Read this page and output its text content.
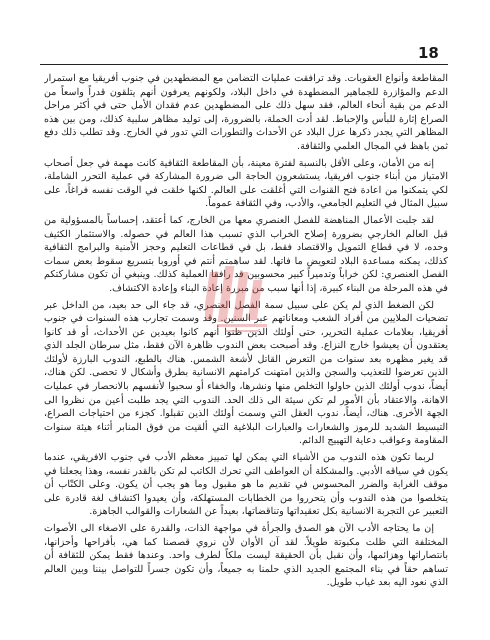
18

المقاطعة وأنواع العقوبات. وقد ترافقت عمليات التضامن مع المضطهدين في جنوب أفريقيا مع استمرار الدعم والمؤازرة للجماهير المضطهدة في داخل البلاد، ولكونهم يعرفون أنهم يتلقون قدراً واسعاً من الدعم من بقية أنحاء العالم، فقد سهل ذلك على المضطهدين عدم فقدان الأمل حتى في أكثر مراحل الصراع إثارة للبأس والإحباط. لقد أدت الحملة، بالضرورة، إلى توليد مظاهر سلبية كذلك، ومن بين هذه المظاهر التي يجدر ذكرها عزل البلاد عن الأحداث والتطورات التي تدور في الخارج. وقد تطلب ذلك دفع ثمن باهظ في المجال العلمي والثقافة.

إنه من الأمان، وعلى الأقل بالنسبة لفترة معينة، بأن المقاطعة الثقافية كانت مهمة في جعل أصحاب الامتياز من أبناء جنوب افريقيا، يستشعرون الحاجة الى ضرورة المشاركة في عملية التحرر الشاملة، لكي يتمكنوا من اعادة فتح القنوات التي أغلقت على العالم. لكنها خلقت في الوقت نفسه فراغاً، على سبيل المثال في التعليم الجامعي، والأدب، وفي الثقافة عموماً.

لقد جلبت الأعمال المناهضة للفصل العنصري معها من الخارج، كما أعتقد، إحساساً بالمسؤولية من قبل العالم الخارجي بضرورة إصلاح الخراب الذي تسبب هذا العالم في حصوله. والاستثمار الكثيف وحده، لا في قطاع التمويل والاقتصاد فقط، بل في قطاعات التعليم وحجز الأمنية والبرامج الثقافية كذلك، يمكنه مساعدة البلاد لتعويض ما فاتها. لقد ساهمتم أنتم في أوروبا بتسريع سقوط بعض سمات الفصل العنصري: لكن خراباً وتدميراً كبير محسوبين قد رافقا العملية كذلك. وينبغي أن تكون مشاركتكم في هذه المرحلة من البناء كبيرة، إذا أنها سبب من مبررة إعادة البناء وإعادة الاكتشاف.

لكن الضغط الذي لم يكن على سبيل سمة الفصل العنصري، قد جاء الى حد بعيد، من الداخل عبر تضحيات الملايين من أفراد الشعب ومعاناتهم عبر السنين. وقد وسمت تجارب هذه السنوات في جنوب أفريقيا، بعلامات عملية التحرير، حتى أولئك الذين ظنوا أنهم كانوا بعيدين عن الأحداث، أو قد كانوا يعتقدون أن يعيشوا خارج النزاع. وقد أصبحت بعض الندوب ظاهرة الآن فقط، مثل سرطان الجلد الذي قد يغير مظهره بعد سنوات من التعرض القاتل لأشعة الشمس. هناك بالطبع، الندوب البارزة لأولئك الذين تعرضوا للتعذيب والسجن والذين امتهنت كرامتهم الانسانية بطرق وأشكال لا تحصى. لكن هناك، أيضاً، ندوب أولئك الذين حاولوا التخلص منها ونشرها، والخفاء أو سحبوا لأنفسهم بالانحصار في عمليات الاهانة، والاعتقاد بأن الأمور لم تكن سيئة الى ذلك الحد. الندوب التي يجد طلبت أعين من نظروا الى الجهة الأخرى. هناك، أيضاً، ندوب العقل التي وسمت أولئك الذين تقبلوا. كجزء من احتياجات الصراع، التبسيط الشديد للرموز والشعارات والعبارات البلاغية التي ألقيت من فوق المنابر أثناء هيئة سنوات المقاومة وعواقب دعاية التهييج الدائم.

لربما تكون هذه الندوب من الأشياء التي يمكن لها تمييز معظم الأدب في جنوب الافريقي، عندما يكون في سياقه الأدبي. والمشكلة أن العواطف التي تحرك الكاتب لم تكن بالقدر نفسه، وهذا يجعلنا في موقف الغرابة والضرر المحسوس في تقديم ما هو مقبول وما هو يجب أن يكون. وعلى الكتّاب أن يتخلصوا من هذه الندوب وأن يتحرروا من الخطابات المستهلكة، وأن يعيدوا اكتشاف لغة قادرة على التعبير عن التجربة الانسانية بكل تعقيداتها وتناقضاتها، بعيداً عن الشعارات والقوالب الجاهزة.

إن ما يحتاجه الأدب الآن هو الصدق والجرأة في مواجهة الذات، والقدرة على الاصغاء الى الأصوات المختلفة التي ظلت مكبوتة طويلاً. لقد آن الأوان لأن نروي قصصنا كما هي، بأفراحها وأحزانها، بانتصاراتها وهزائمها، وأن نقبل بأن الحقيقة ليست ملكاً لطرف واحد. وعندها فقط يمكن للثقافة أن تساهم حقاً في بناء المجتمع الجديد الذي حلمنا به جميعاً، وأن تكون جسراً للتواصل بيننا وبين العالم الذي نعود اليه بعد غياب طويل.
